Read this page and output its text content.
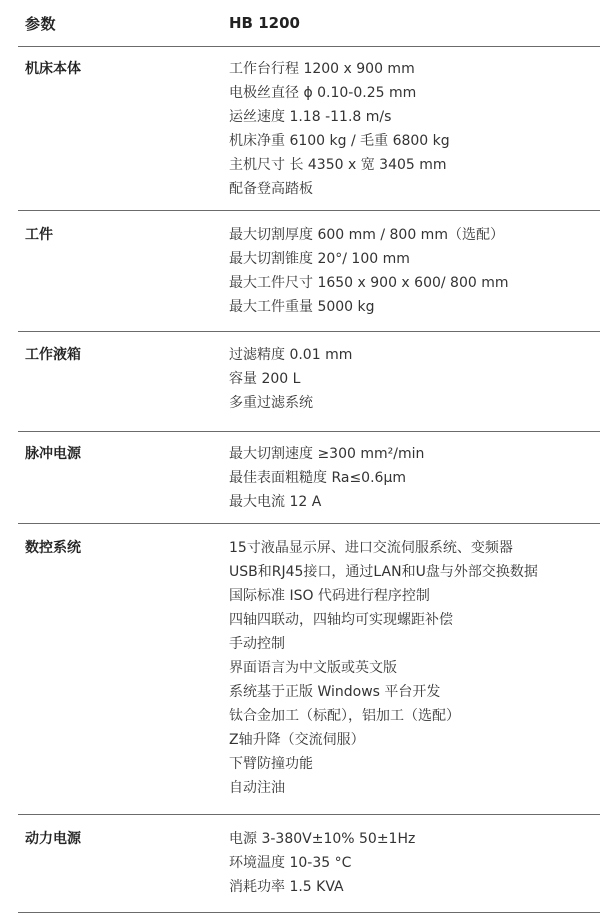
参数	HB 1200
机床本体	工作台行程 1200 x 900 mm
电极丝直径 ϕ 0.10-0.25 mm
运丝速度 1.18 -11.8 m/s
机床净重 6100 kg / 毛重 6800 kg
主机尺寸 长 4350 x 宽 3405 mm
配备登高踏板
工件	最大切割厚度 600 mm / 800 mm（选配）
最大切割锥度 20°/ 100 mm
最大工件尺寸 1650 x 900 x 600/ 800 mm
最大工件重量 5000 kg
工作液箱	过滤精度 0.01 mm
容量 200 L
多重过滤系统
脉冲电源	最大切割速度 ≥300 mm²/min
最佳表面粗糙度 Ra≤0.6μm
最大电流 12 A
数控系统	15寸液晶显示屏、进口交流伺服系统、变频器
USB和RJ45接口，通过LAN和U盘与外部交换数据
国际标准 ISO 代码进行程序控制
四轴四联动，四轴均可实现螺距补偿
手动控制
界面语言为中文版或英文版
系统基于正版 Windows 平台开发
钛合金加工（标配），铝加工（选配）
Z轴升降（交流伺服）
下臂防撞功能
自动注油
动力电源	电源 3-380V±10% 50±1Hz
环境温度 10-35 °C
消耗功率 1.5 KVA
